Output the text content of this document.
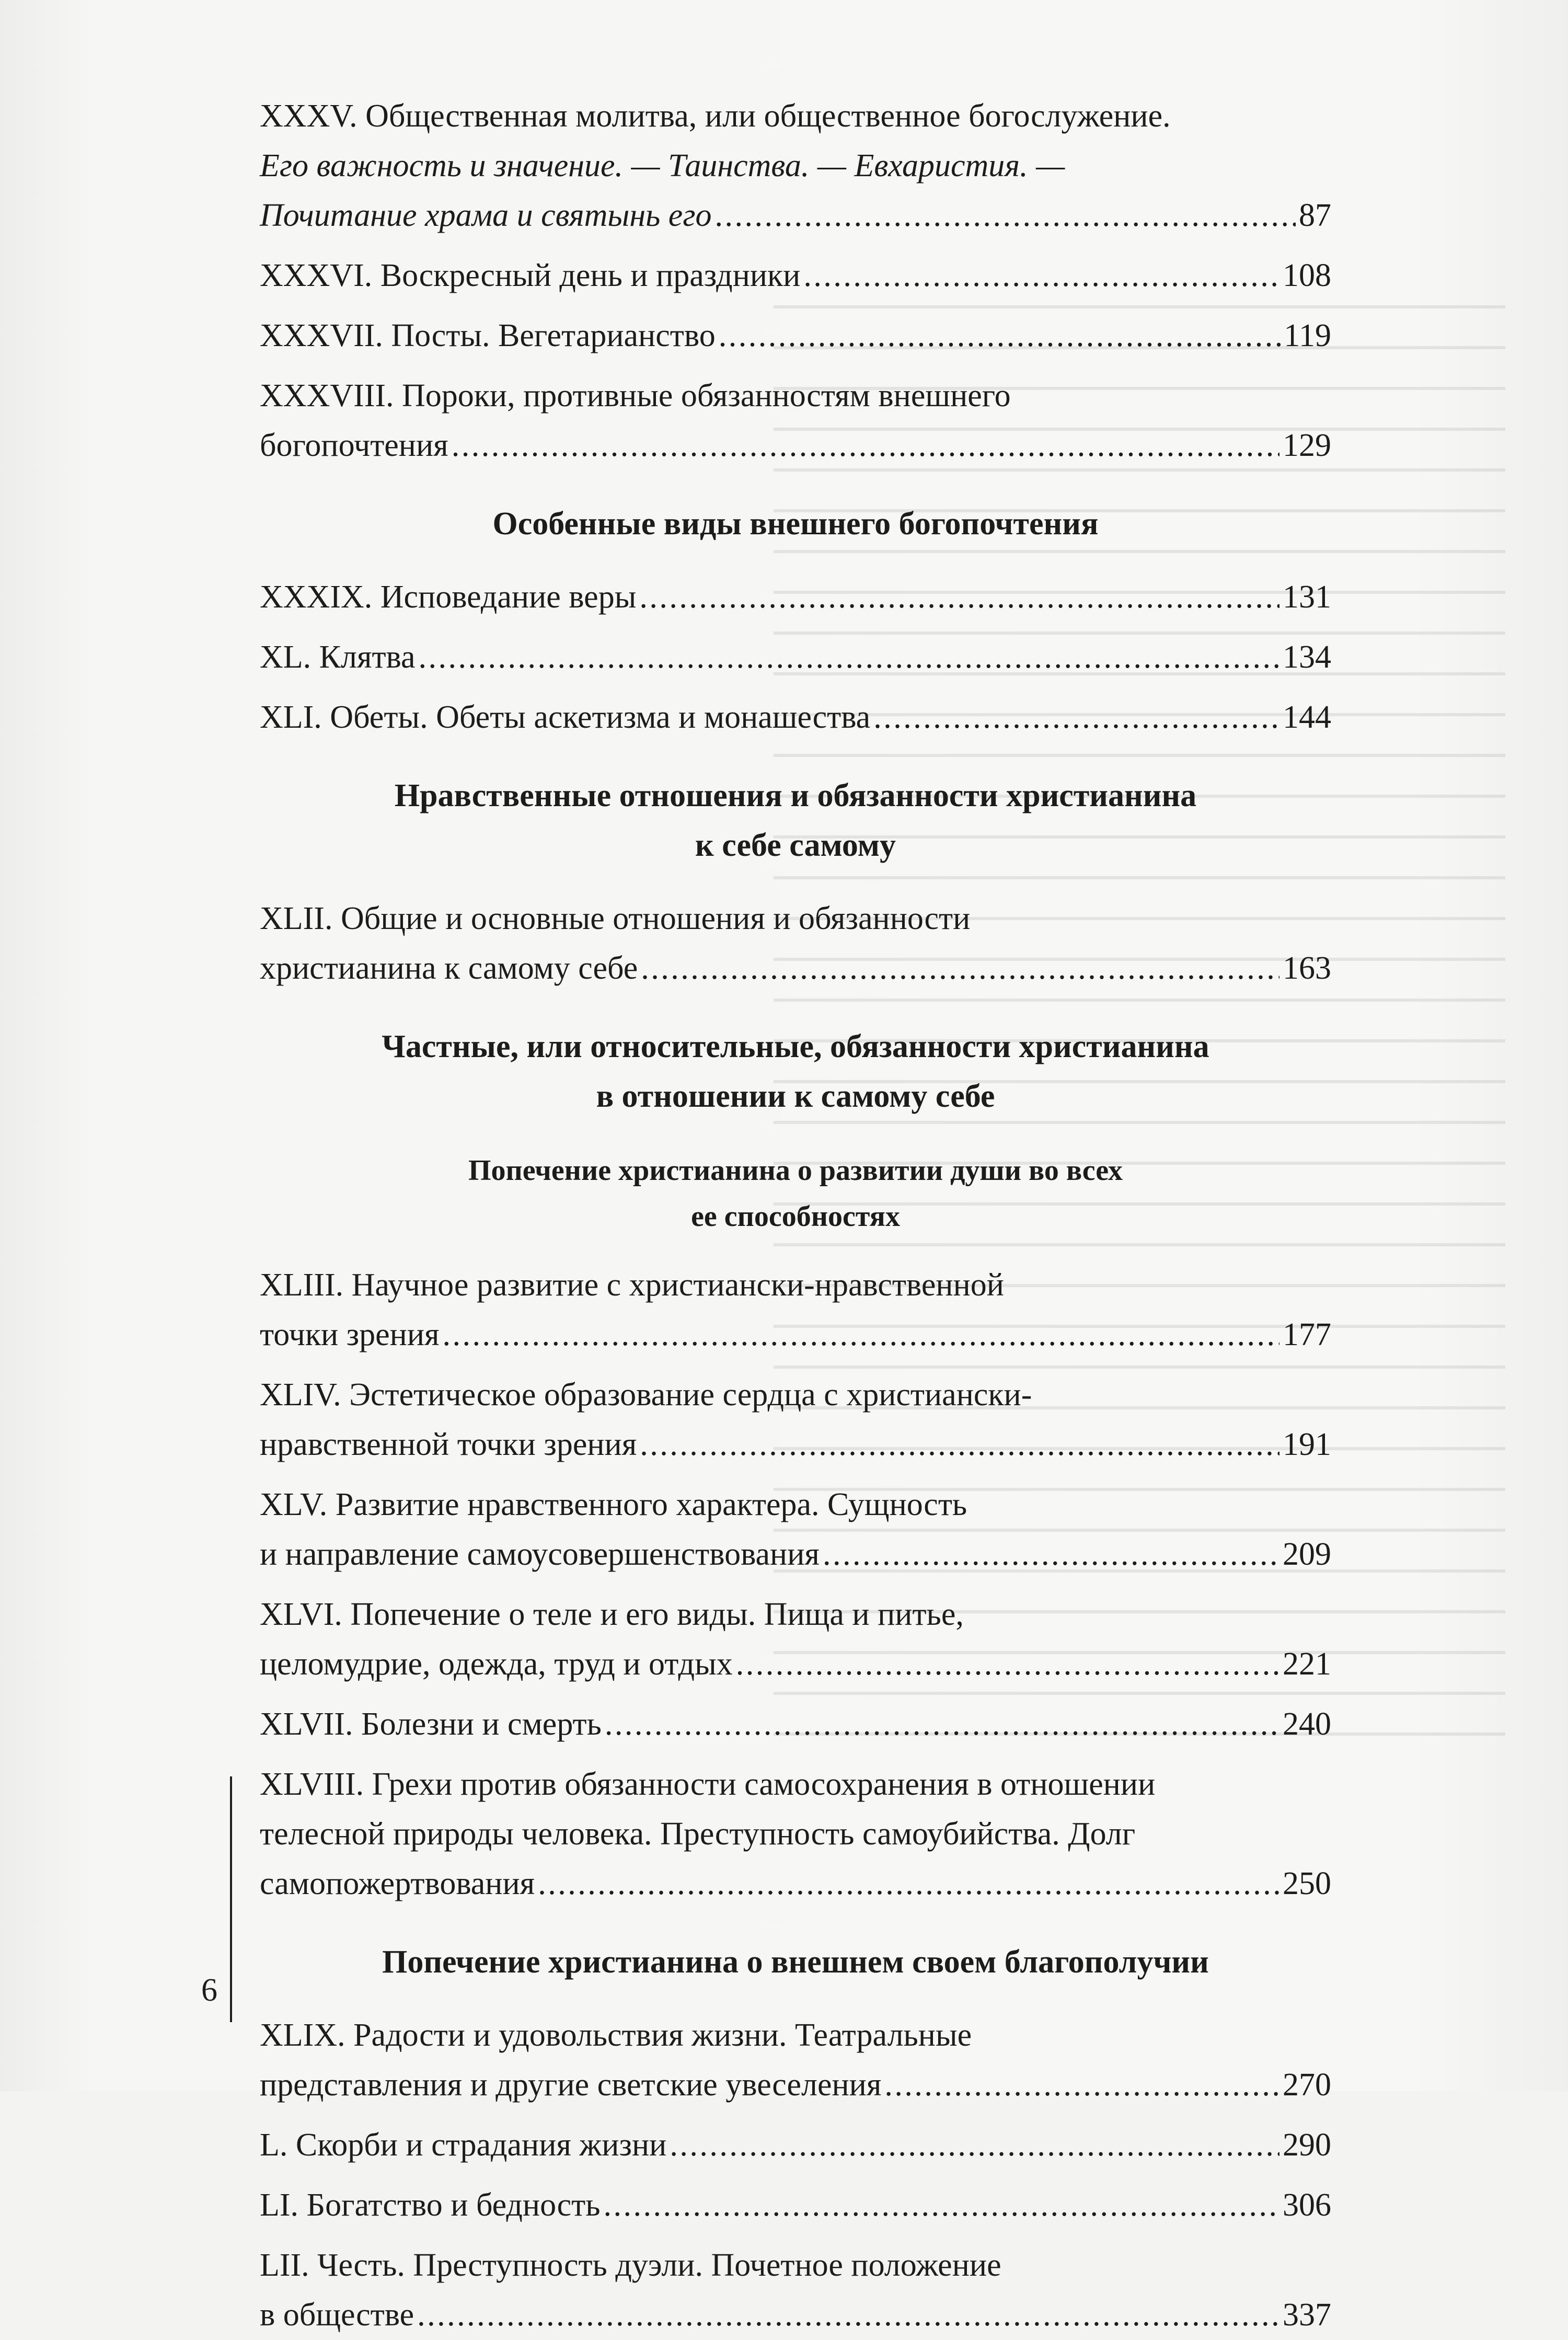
XXXV. Общественная молитва, или общественное богослужение.
Его важность и значение. — Таинства. — Евхаристия. —
Почитание храма и святынь его . . .	87
XXXVI. Воскресный день и праздники . . .	108
XXXVII. Посты. Вегетарианство . . .	119
XXXVIII. Пороки, противные обязанностям внешнего
богопочтения . . .	129
Особенные виды внешнего богопочтения
XXXIX. Исповедание веры . . .	131
XL. Клятва . . .	134
XLI. Обеты. Обеты аскетизма и монашества . . .	144
Нравственные отношения и обязанности христианина
к себе самому
XLII. Общие и основные отношения и обязанности
христианина к самому себе . . .	163
Частные, или относительные, обязанности христианина
в отношении к самому себе
Попечение христианина о развитии души во всех
ее способностях
XLIII. Научное развитие с христиански-нравственной
точки зрения . . .	177
XLIV. Эстетическое образование сердца с христиански-
нравственной точки зрения . . .	191
XLV. Развитие нравственного характера. Сущность
и направление самоусовершенствования . . .	209
XLVI. Попечение о теле и его виды. Пища и питье,
целомудрие, одежда, труд и отдых . . .	221
XLVII. Болезни и смерть . . .	240
XLVIII. Грехи против обязанности самосохранения в отношении
телесной природы человека. Преступность самоубийства. Долг
самопожертвования . . .	250
Попечение христианина о внешнем своем благополучии
XLIX. Радости и удовольствия жизни. Театральные
представления и другие светские увеселения . . .	270
L. Скорби и страдания жизни . . .	290
LI. Богатство и бедность . . .	306
LII. Честь. Преступность дуэли. Почетное положение
в обществе . . .	337
6
